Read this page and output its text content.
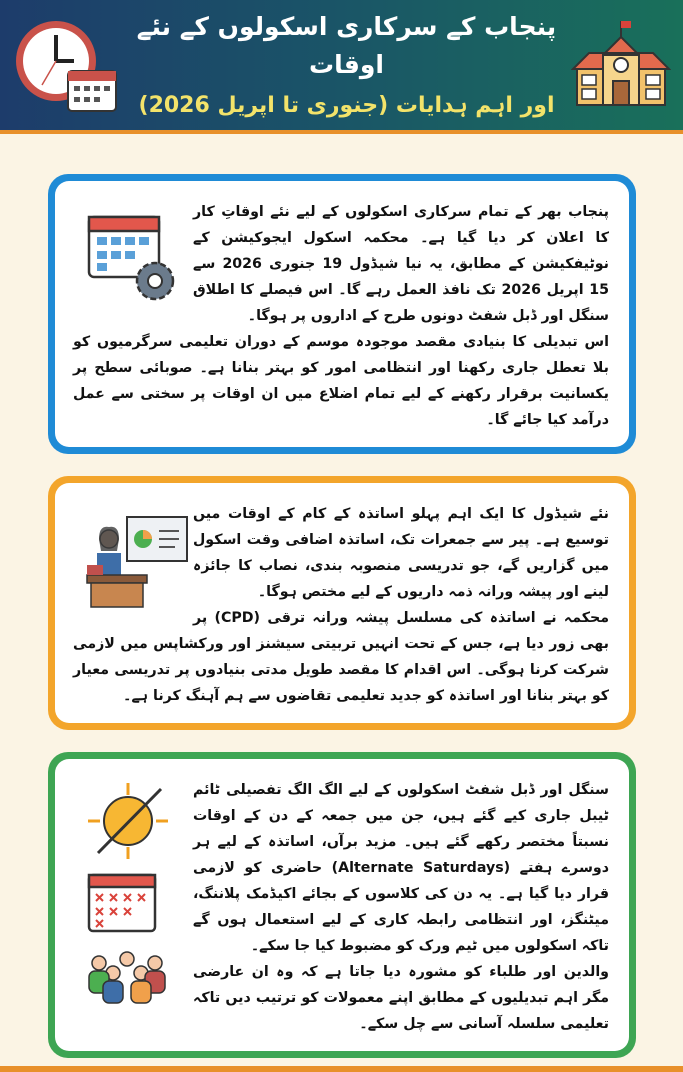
پنجاب کے سرکاری اسکولوں کے نئے اوقات
اور اہم ہدایات (جنوری تا اپریل 2026)

پنجاب بھر کے تمام سرکاری اسکولوں کے لیے نئے اوقاتِ کار کا اعلان کر دیا گیا ہے۔ محکمہ اسکول ایجوکیشن کے نوٹیفکیشن کے مطابق، یہ نیا شیڈول 19 جنوری 2026 سے 15 اپریل 2026 تک نافذ العمل رہے گا۔ اس فیصلے کا اطلاق سنگل اور ڈبل شفٹ دونوں طرح کے اداروں پر ہوگا۔

اس تبدیلی کا بنیادی مقصد موجودہ موسم کے دوران تعلیمی سرگرمیوں کو بلا تعطل جاری رکھنا اور انتظامی امور کو بہتر بنانا ہے۔ صوبائی سطح پر یکسانیت برقرار رکھنے کے لیے تمام اضلاع میں ان اوقات پر سختی سے عمل درآمد کیا جائے گا۔

نئے شیڈول کا ایک اہم پہلو اساتذہ کے کام کے اوقات میں توسیع ہے۔ پیر سے جمعرات تک، اساتذہ اضافی وقت اسکول میں گزاریں گے، جو تدریسی منصوبہ بندی، نصاب کا جائزہ لینے اور پیشہ ورانہ ذمہ داریوں کے لیے مختص ہوگا۔

محکمہ نے اساتذہ کی مسلسل پیشہ ورانہ ترقی (CPD) پر بھی زور دیا ہے، جس کے تحت انہیں تربیتی سیشنز اور ورکشاپس میں لازمی شرکت کرنا ہوگی۔ اس اقدام کا مقصد طویل مدتی بنیادوں پر تدریسی معیار کو بہتر بنانا اور اساتذہ کو جدید تعلیمی تقاضوں سے ہم آہنگ کرنا ہے۔

سنگل اور ڈبل شفٹ اسکولوں کے لیے الگ الگ تفصیلی ٹائم ٹیبل جاری کیے گئے ہیں، جن میں جمعہ کے دن کے اوقات نسبتاً مختصر رکھے گئے ہیں۔ مزید برآں، اساتذہ کے لیے ہر دوسرے ہفتے (Alternate Saturdays) حاضری کو لازمی قرار دیا گیا ہے۔ یہ دن کی کلاسوں کے بجائے اکیڈمک پلاننگ، میٹنگز، اور انتظامی رابطہ کاری کے لیے استعمال ہوں گے تاکہ اسکولوں میں ٹیم ورک کو مضبوط کیا جا سکے۔

والدین اور طلباء کو مشورہ دیا جاتا ہے کہ وہ ان عارضی مگر اہم تبدیلیوں کے مطابق اپنے معمولات کو ترتیب دیں تاکہ تعلیمی سلسلہ آسانی سے چل سکے۔
